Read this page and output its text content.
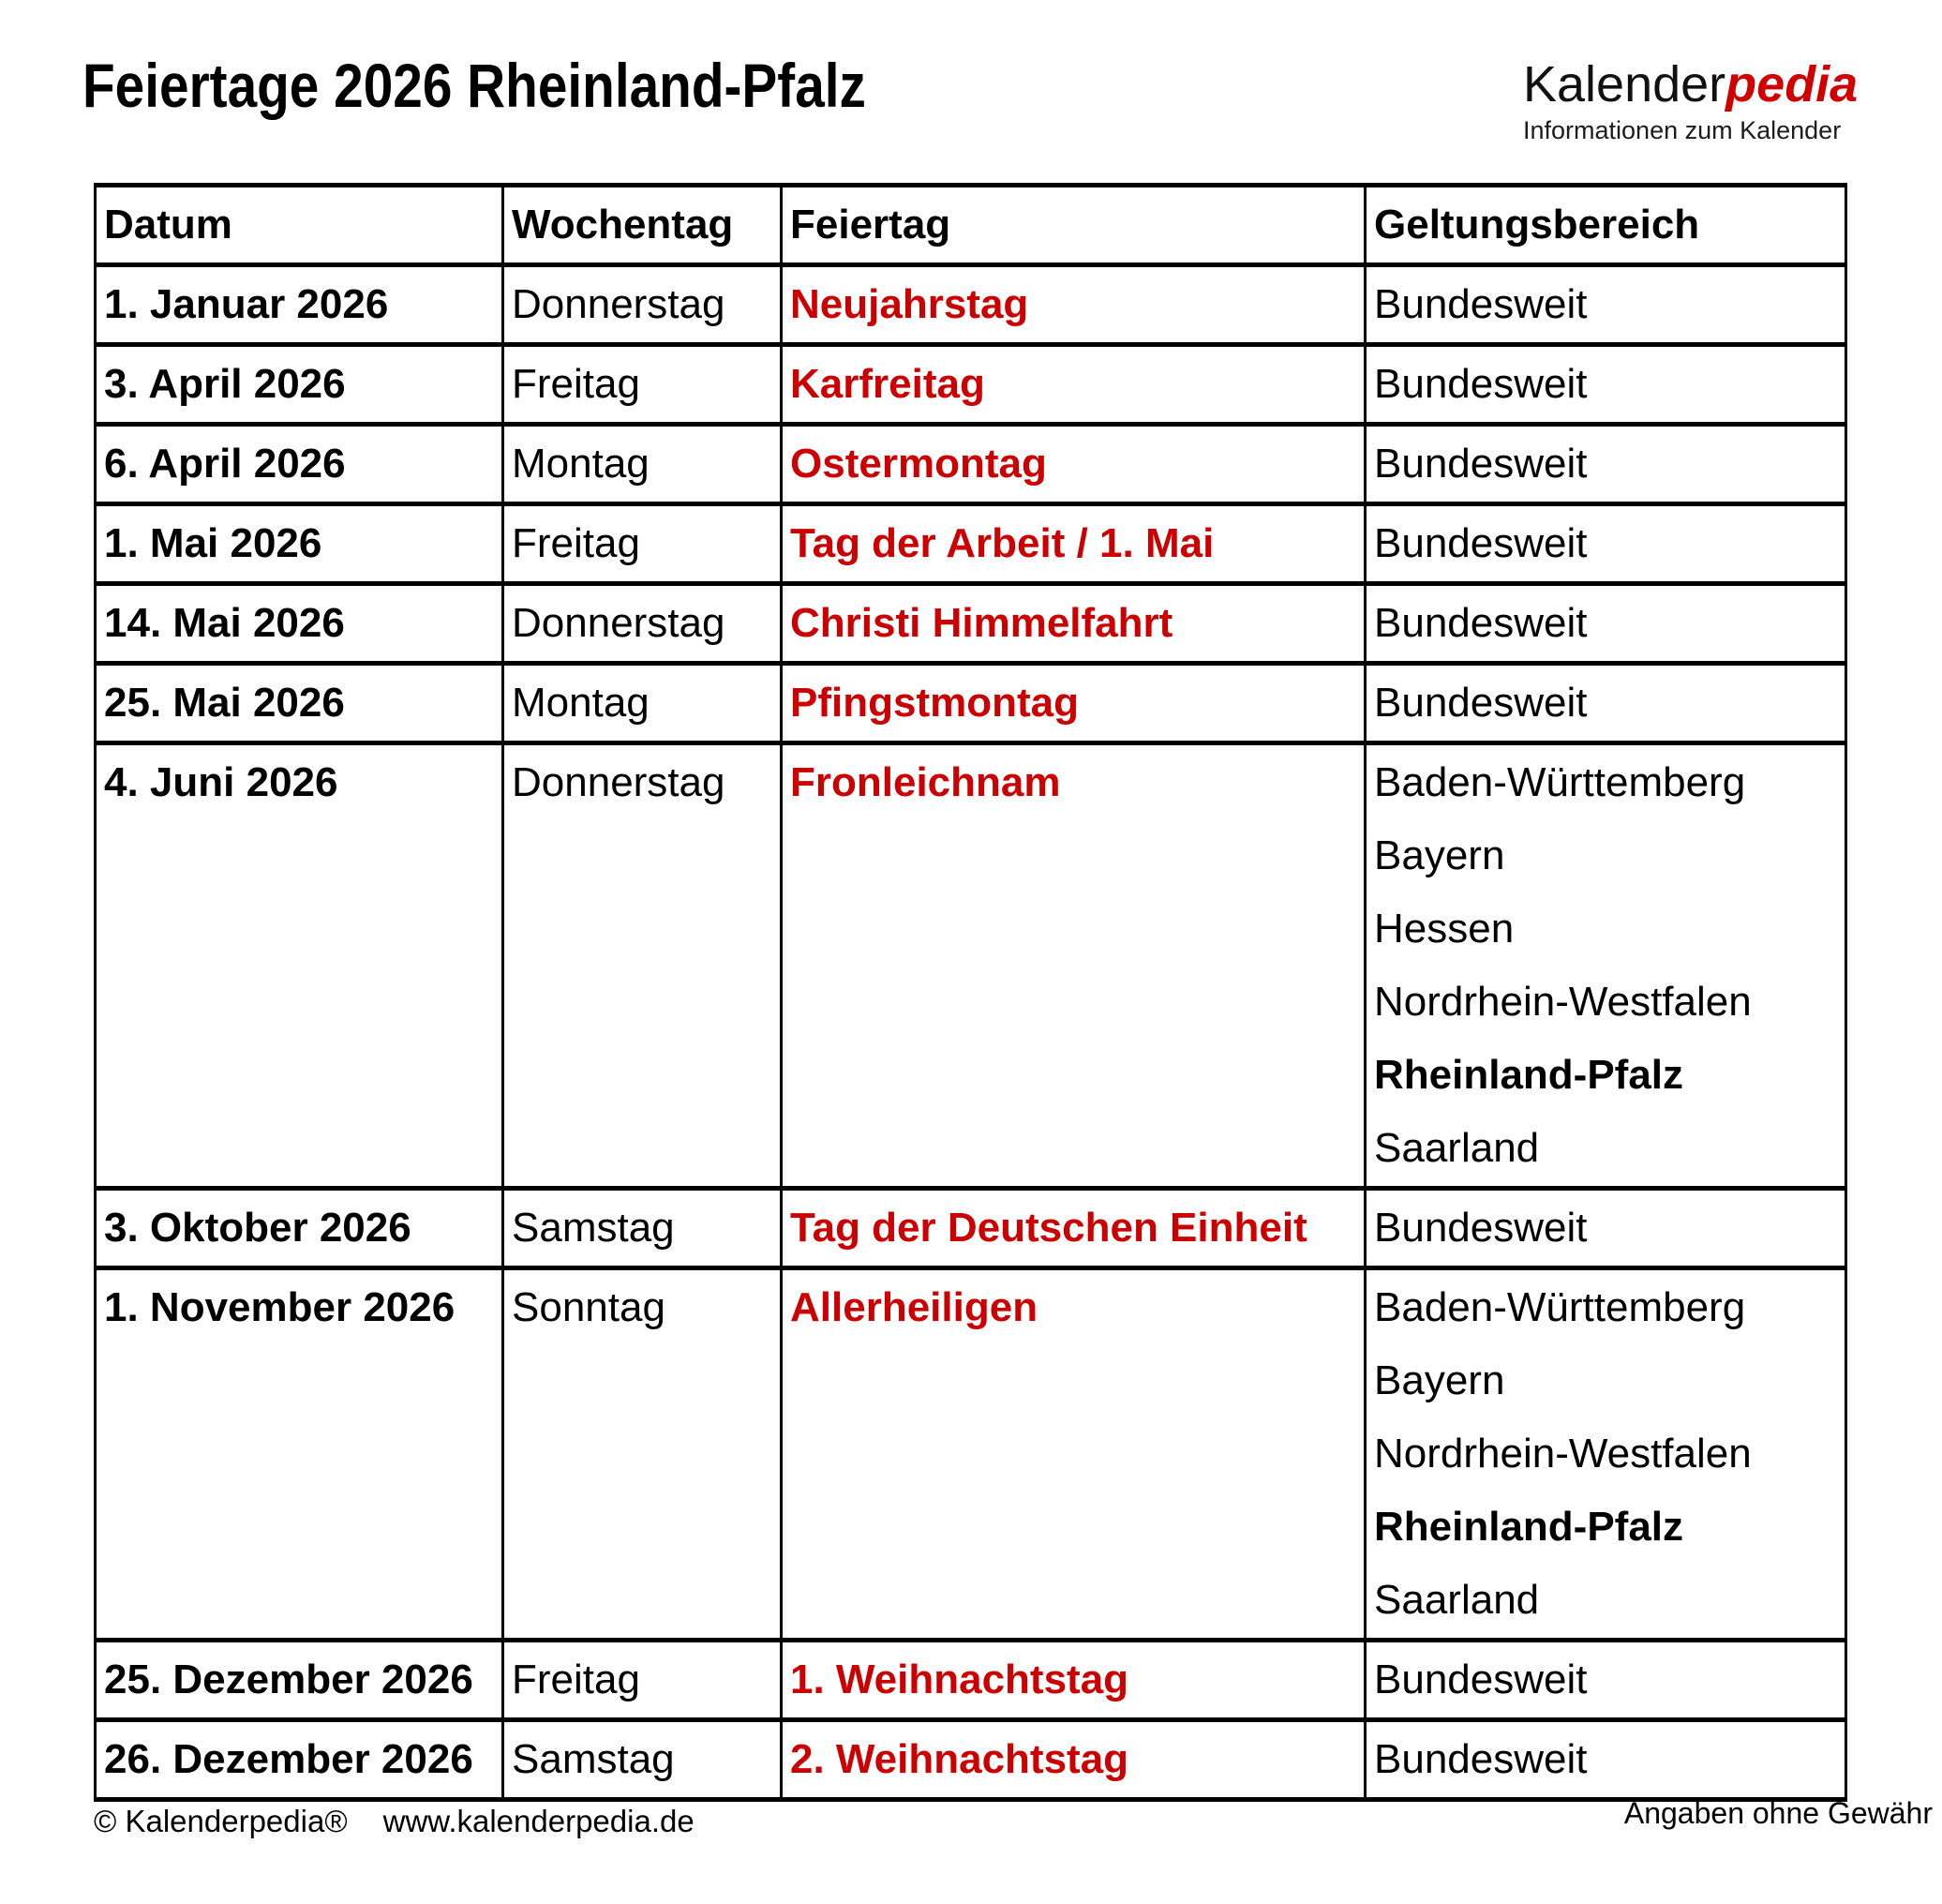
Feiertage 2026 Rheinland-Pfalz	Kalenderpedia
Informationen zum Kalender
Datum	Wochentag	Feiertag	Geltungsbereich
1. Januar 2026	Donnerstag	Neujahrstag	Bundesweit

3. April 2026	Freitag	Karfreitag	Bundesweit

6. April 2026	Montag	Ostermontag	Bundesweit

1. Mai 2026	Freitag	Tag der Arbeit / 1. Mai	Bundesweit

14. Mai 2026	Donnerstag	Christi Himmelfahrt	Bundesweit

25. Mai 2026	Montag	Pfingstmontag	Bundesweit

4. Juni 2026	Donnerstag	Fronleichnam	Baden-Württemberg
Bayern
Hessen
Nordrhein-Westfalen
Rheinland-Pfalz
Saarland

3. Oktober 2026	Samstag	Tag der Deutschen Einheit	Bundesweit

1. November 2026	Sonntag	Allerheiligen	Baden-Württemberg
Bayern
Nordrhein-Westfalen
Rheinland-Pfalz
Saarland

25. Dezember 2026	Freitag	1. Weihnachtstag	Bundesweit

26. Dezember 2026	Samstag	2. Weihnachtstag	Bundesweit
© Kalenderpedia® www.kalenderpedia.de	Angaben ohne Gewähr
